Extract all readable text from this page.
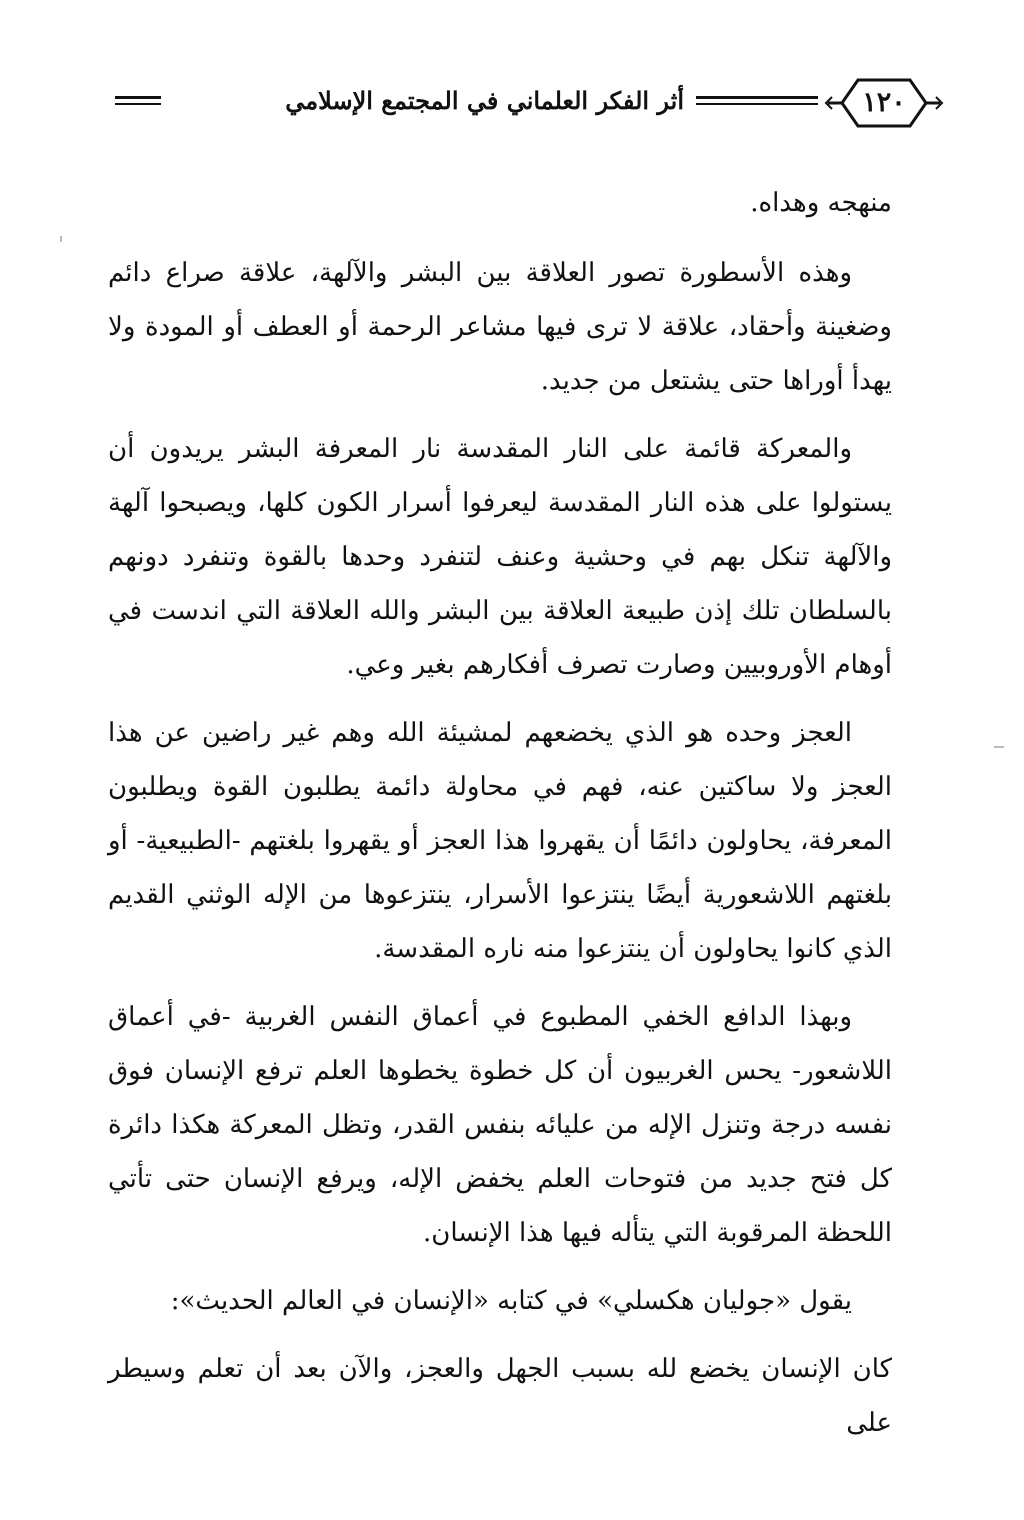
١٢٠
أثر الفكر العلماني في المجتمع الإسلامي

منهجه وهداه.

وهذه الأسطورة تصور العلاقة بين البشر والآلهة، علاقة صراع دائم وضغينة وأحقاد، علاقة لا ترى فيها مشاعر الرحمة أو العطف أو المودة ولا يهدأ أوراها حتى يشتعل من جديد.

والمعركة قائمة على النار المقدسة نار المعرفة البشر يريدون أن يستولوا على هذه النار المقدسة ليعرفوا أسرار الكون كلها، ويصبحوا آلهة والآلهة تنكل بهم في وحشية وعنف لتنفرد وحدها بالقوة وتنفرد دونهم بالسلطان تلك إذن طبيعة العلاقة بين البشر والله العلاقة التي اندست في أوهام الأوروبيين وصارت تصرف أفكارهم بغير وعي.

العجز وحده هو الذي يخضعهم لمشيئة الله وهم غير راضين عن هذا العجز ولا ساكتين عنه، فهم في محاولة دائمة يطلبون القوة ويطلبون المعرفة، يحاولون دائمًا أن يقهروا هذا العجز أو يقهروا بلغتهم -الطبيعية- أو بلغتهم اللاشعورية أيضًا ينتزعوا الأسرار، ينتزعوها من الإله الوثني القديم الذي كانوا يحاولون أن ينتزعوا منه ناره المقدسة.

وبهذا الدافع الخفي المطبوع في أعماق النفس الغربية -في أعماق اللاشعور- يحس الغربيون أن كل خطوة يخطوها العلم ترفع الإنسان فوق نفسه درجة وتنزل الإله من عليائه بنفس القدر، وتظل المعركة هكذا دائرة كل فتح جديد من فتوحات العلم يخفض الإله، ويرفع الإنسان حتى تأتي اللحظة المرقوبة التي يتأله فيها هذا الإنسان.

يقول «جوليان هكسلي» في كتابه «الإنسان في العالم الحديث»:

كان الإنسان يخضع لله بسبب الجهل والعجز، والآن بعد أن تعلم وسيطر على
